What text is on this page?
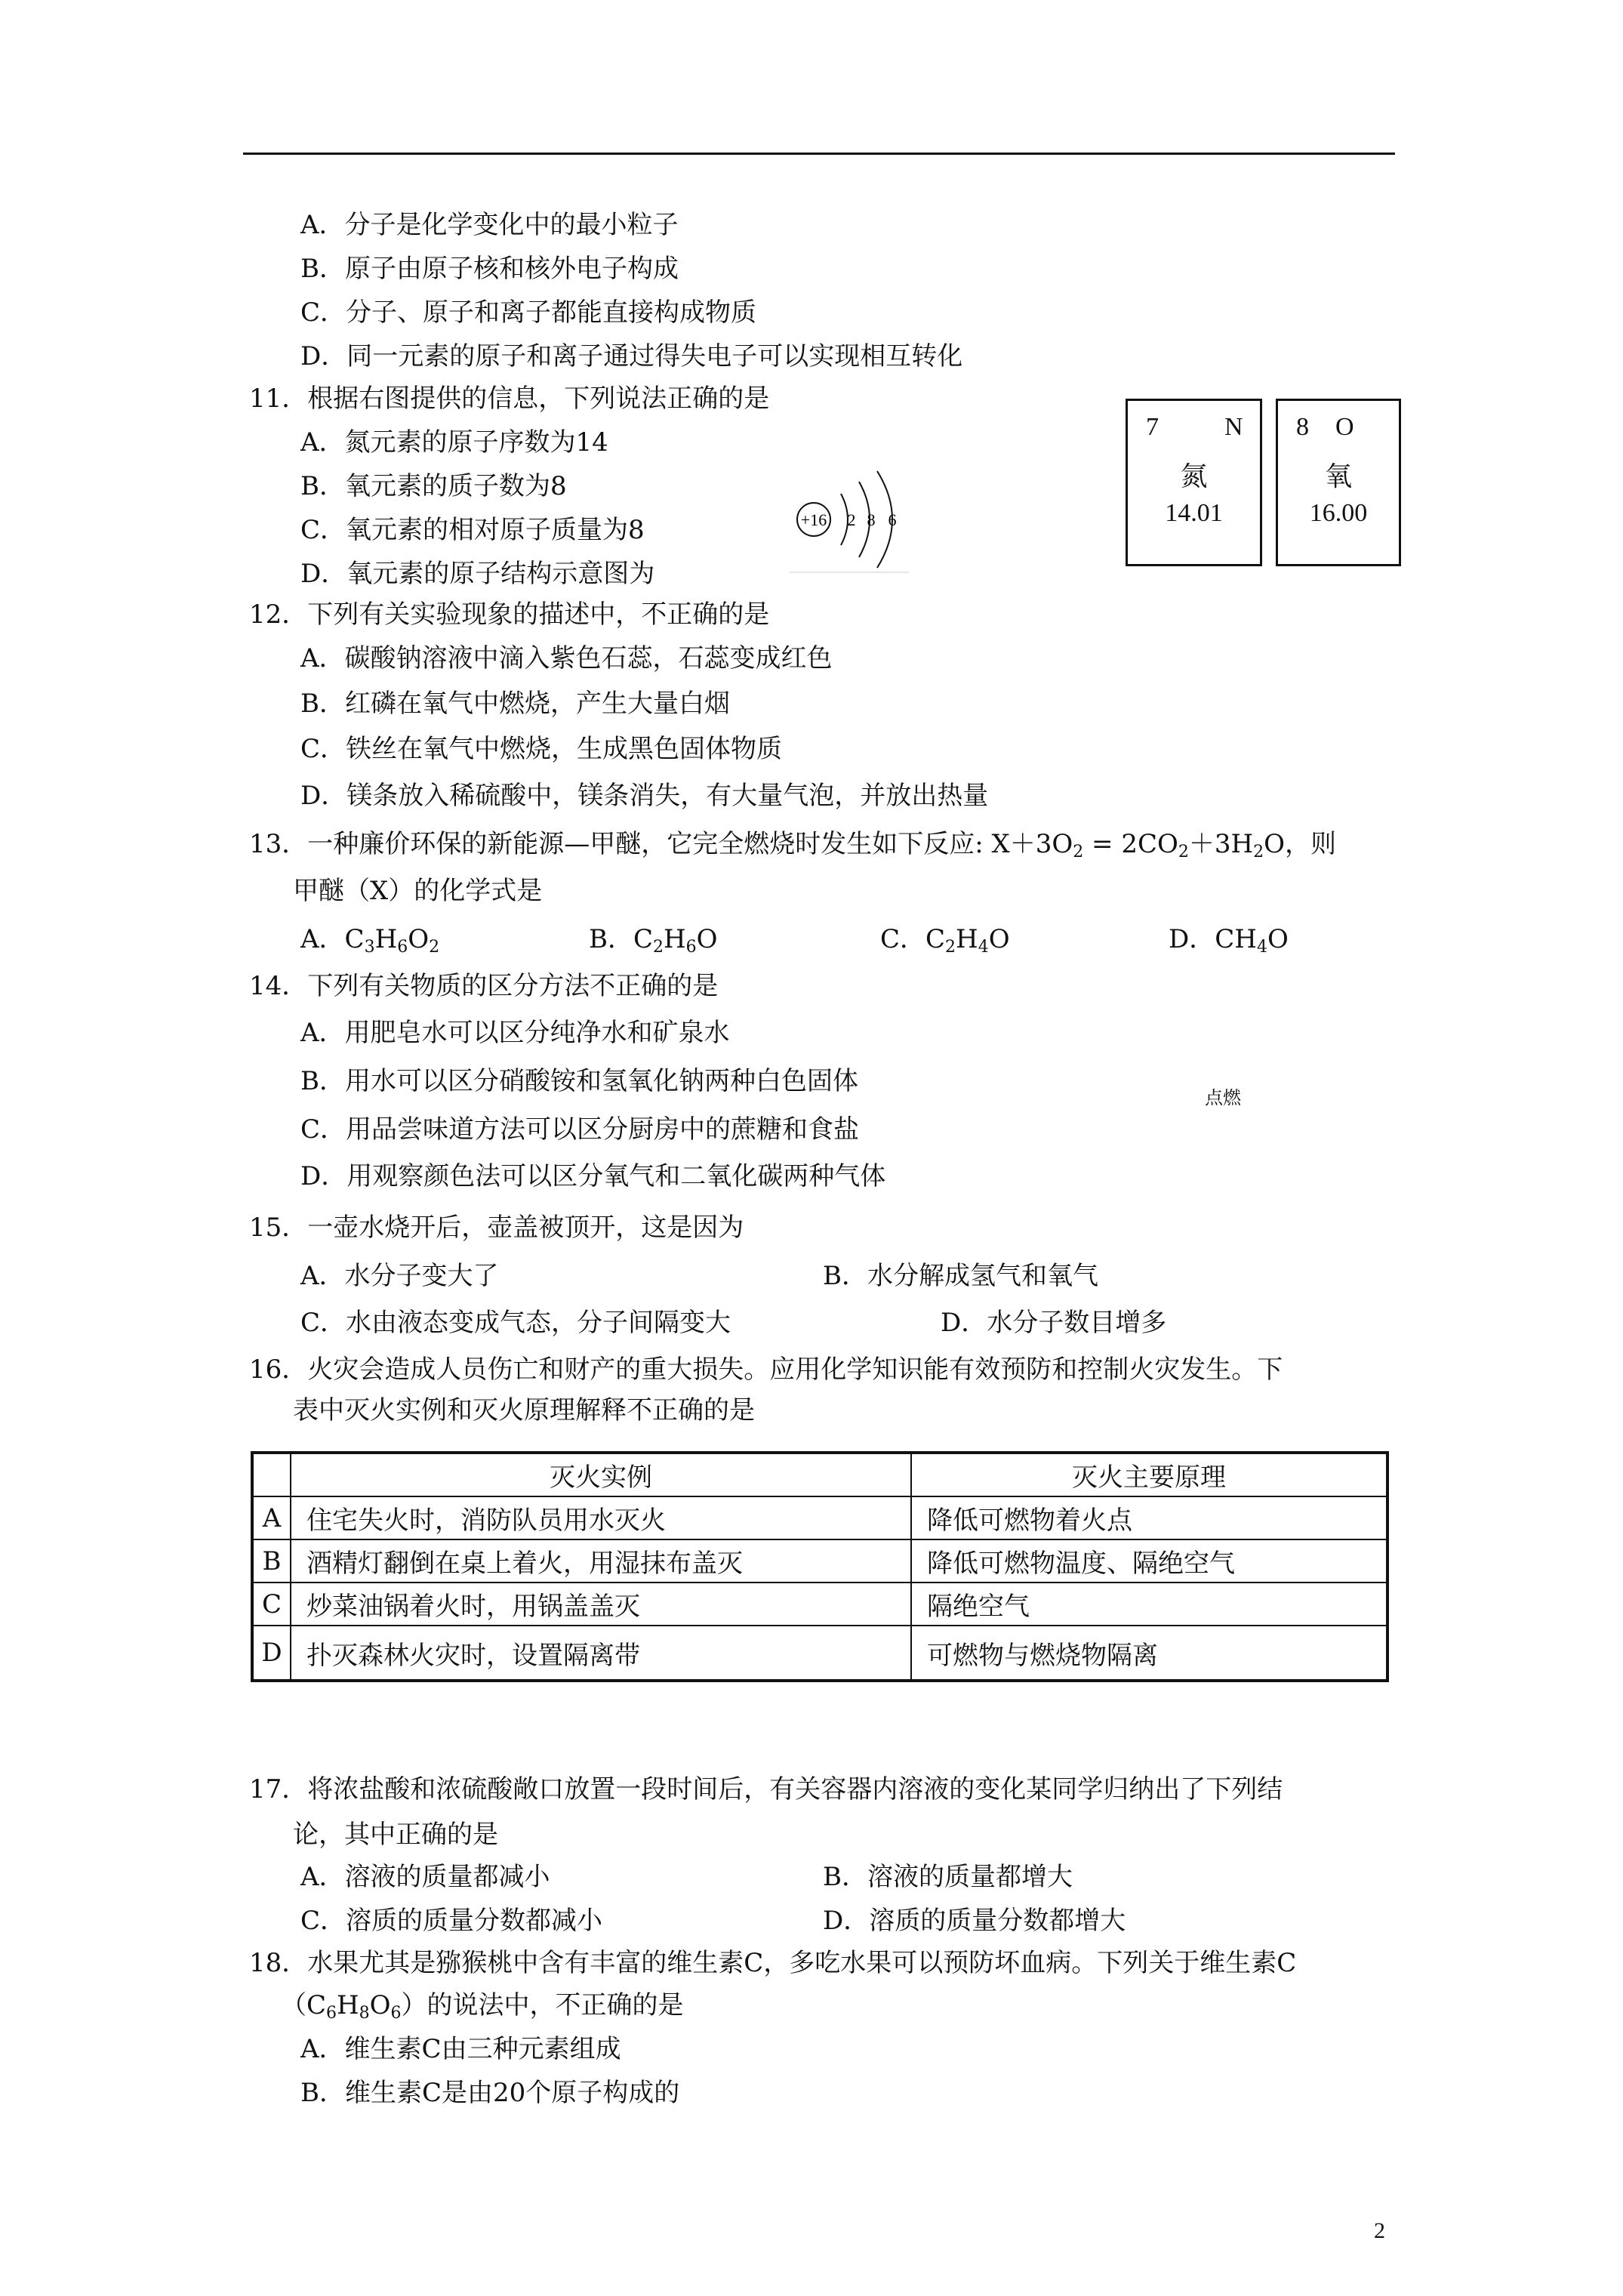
A．分子是化学变化中的最小粒子
B．原子由原子核和核外电子构成
C．分子、原子和离子都能直接构成物质
D．同一元素的原子和离子通过得失电子可以实现相互转化
11．根据右图提供的信息，下列说法正确的是
A．氮元素的原子序数为14
B．氧元素的质子数为8
C．氧元素的相对原子质量为8
D．氧元素的原子结构示意图为
+16 2 8 6
7	N
氮
14.01
8 O
氧
16.00
12．下列有关实验现象的描述中，不正确的是
A．碳酸钠溶液中滴入紫色石蕊，石蕊变成红色
B．红磷在氧气中燃烧，产生大量白烟
C．铁丝在氧气中燃烧，生成黑色固体物质
D．镁条放入稀硫酸中，镁条消失，有大量气泡，并放出热量
13．一种廉价环保的新能源—甲醚，它完全燃烧时发生如下反应: $X+3O_2 = 2CO_2+3H_2O$，则
甲醚（X）的化学式是
A．$C_3H_6O_2$	B．$C_2H_6O$	C．$C_2H_4O$	D．$CH_4O$
14．下列有关物质的区分方法不正确的是
A．用肥皂水可以区分纯净水和矿泉水
B．用水可以区分硝酸铵和氢氧化钠两种白色固体
点燃
C．用品尝味道方法可以区分厨房中的蔗糖和食盐
D．用观察颜色法可以区分氧气和二氧化碳两种气体
15．一壶水烧开后，壶盖被顶开，这是因为
A．水分子变大了	B．水分解成氢气和氧气
C．水由液态变成气态，分子间隔变大	D．水分子数目增多
16．火灾会造成人员伤亡和财产的重大损失。应用化学知识能有效预防和控制火灾发生。下
表中灭火实例和灭火原理解释不正确的是
	灭火实例	灭火主要原理
A	住宅失火时，消防队员用水灭火	降低可燃物着火点
B	酒精灯翻倒在桌上着火，用湿抹布盖灭	降低可燃物温度、隔绝空气
C	炒菜油锅着火时，用锅盖盖灭	隔绝空气
D	扑灭森林火灾时，设置隔离带	可燃物与燃烧物隔离
17．将浓盐酸和浓硫酸敞口放置一段时间后，有关容器内溶液的变化某同学归纳出了下列结
论，其中正确的是
A．溶液的质量都减小	B．溶液的质量都增大
C．溶质的质量分数都减小	D．溶质的质量分数都增大
18．水果尤其是猕猴桃中含有丰富的维生素C，多吃水果可以预防坏血病。下列关于维生素C
$(C_6H_8O_6)$的说法中，不正确的是
A．维生素C由三种元素组成
B．维生素C是由20个原子构成的
2
